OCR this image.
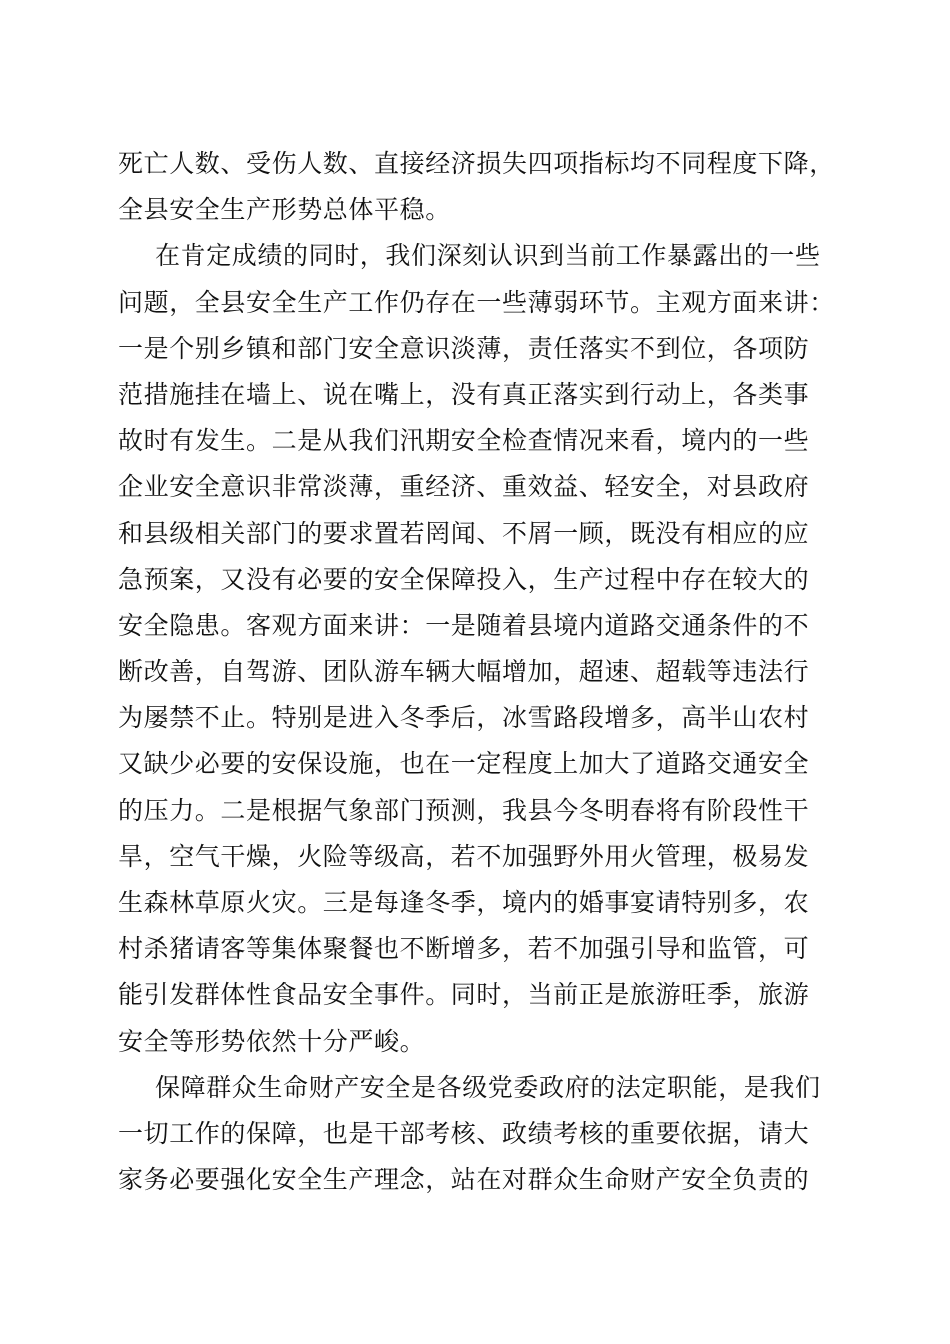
死亡人数、受伤人数、直接经济损失四项指标均不同程度下降，
全县安全生产形势总体平稳。
在肯定成绩的同时，我们深刻认识到当前工作暴露出的一些
问题，全县安全生产工作仍存在一些薄弱环节。主观方面来讲：
一是个别乡镇和部门安全意识淡薄，责任落实不到位，各项防
范措施挂在墙上、说在嘴上，没有真正落实到行动上，各类事
故时有发生。二是从我们汛期安全检查情况来看，境内的一些
企业安全意识非常淡薄，重经济、重效益、轻安全，对县政府
和县级相关部门的要求置若罔闻、不屑一顾，既没有相应的应
急预案，又没有必要的安全保障投入，生产过程中存在较大的
安全隐患。客观方面来讲：一是随着县境内道路交通条件的不
断改善，自驾游、团队游车辆大幅增加，超速、超载等违法行
为屡禁不止。特别是进入冬季后，冰雪路段增多，高半山农村
又缺少必要的安保设施，也在一定程度上加大了道路交通安全
的压力。二是根据气象部门预测，我县今冬明春将有阶段性干
旱，空气干燥，火险等级高，若不加强野外用火管理，极易发
生森林草原火灾。三是每逢冬季，境内的婚事宴请特别多，农
村杀猪请客等集体聚餐也不断增多，若不加强引导和监管，可
能引发群体性食品安全事件。同时，当前正是旅游旺季，旅游
安全等形势依然十分严峻。
保障群众生命财产安全是各级党委政府的法定职能，是我们
一切工作的保障，也是干部考核、政绩考核的重要依据，请大
家务必要强化安全生产理念，站在对群众生命财产安全负责的
